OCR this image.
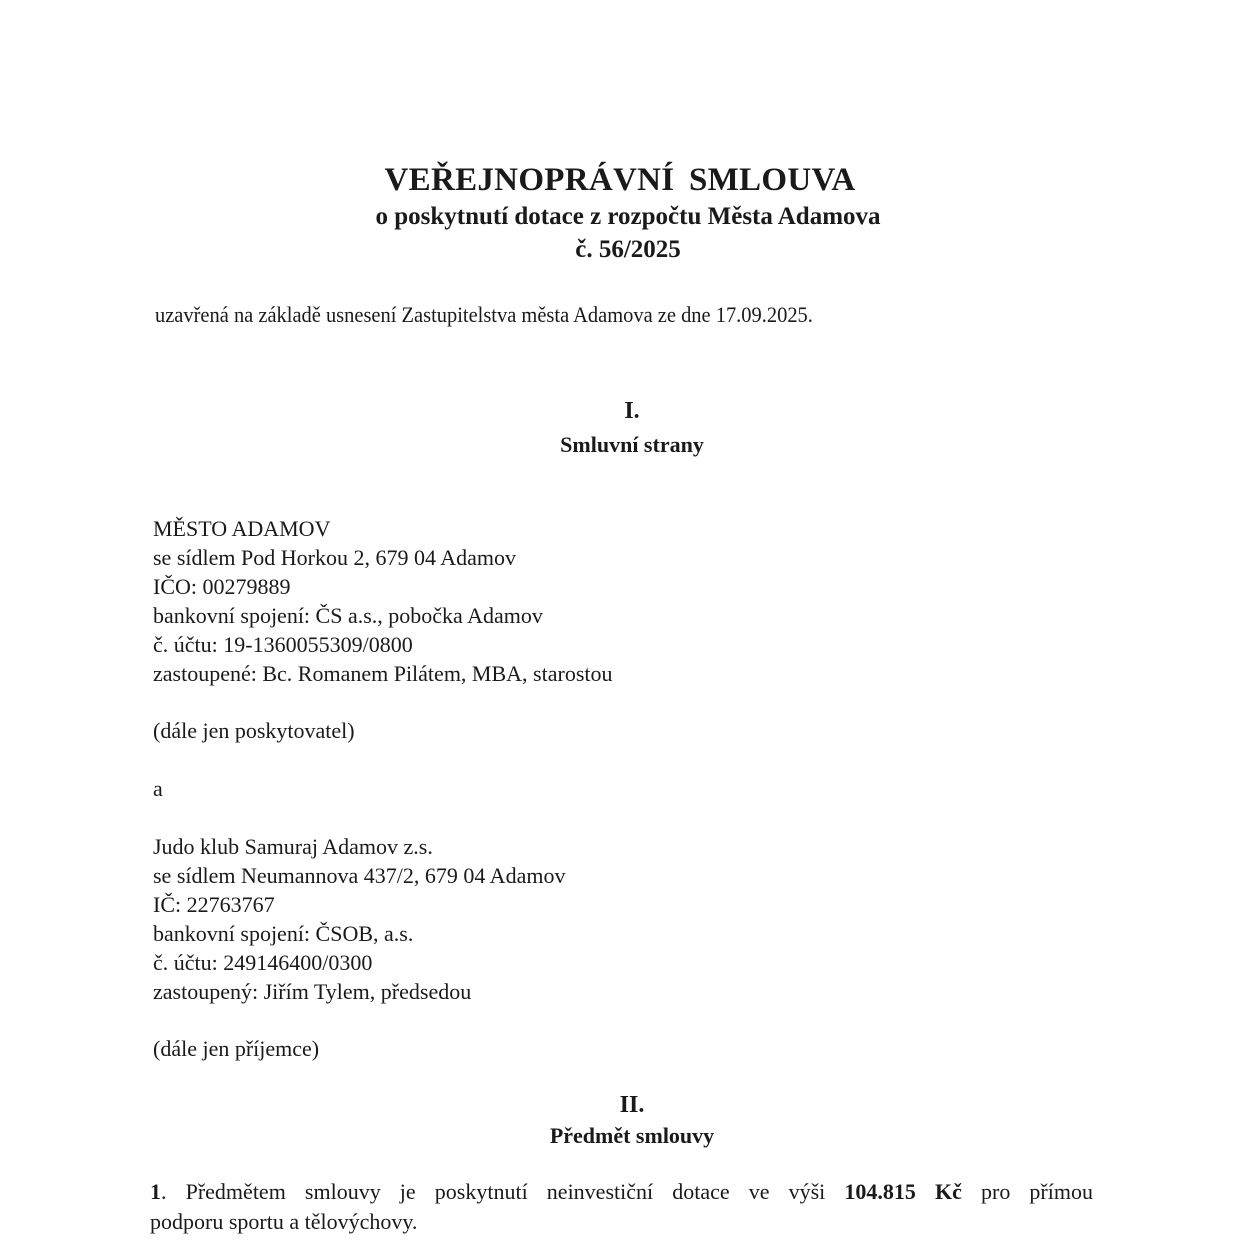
VEŘEJNOPRÁVNÍ SMLOUVA
o poskytnutí dotace z rozpočtu Města Adamova
č. 56/2025
uzavřená na základě usnesení Zastupitelstva města Adamova ze dne 17.09.2025.
I.
Smluvní strany
MĚSTO ADAMOV
se sídlem Pod Horkou 2, 679 04 Adamov
IČO: 00279889
bankovní spojení: ČS a.s., pobočka Adamov
č. účtu: 19-1360055309/0800
zastoupené: Bc. Romanem Pilátem, MBA, starostou
(dále jen poskytovatel)
a
Judo klub Samuraj Adamov z.s.
se sídlem Neumannova 437/2, 679 04 Adamov
IČ: 22763767
bankovní spojení: ČSOB, a.s.
č. účtu: 249146400/0300
zastoupený: Jiřím Tylem, předsedou
(dále jen příjemce)
II.
Předmět smlouvy
1. Předmětem smlouvy je poskytnutí neinvestiční dotace ve výši 104.815 Kč pro přímou
podporu sportu a tělovýchovy.
